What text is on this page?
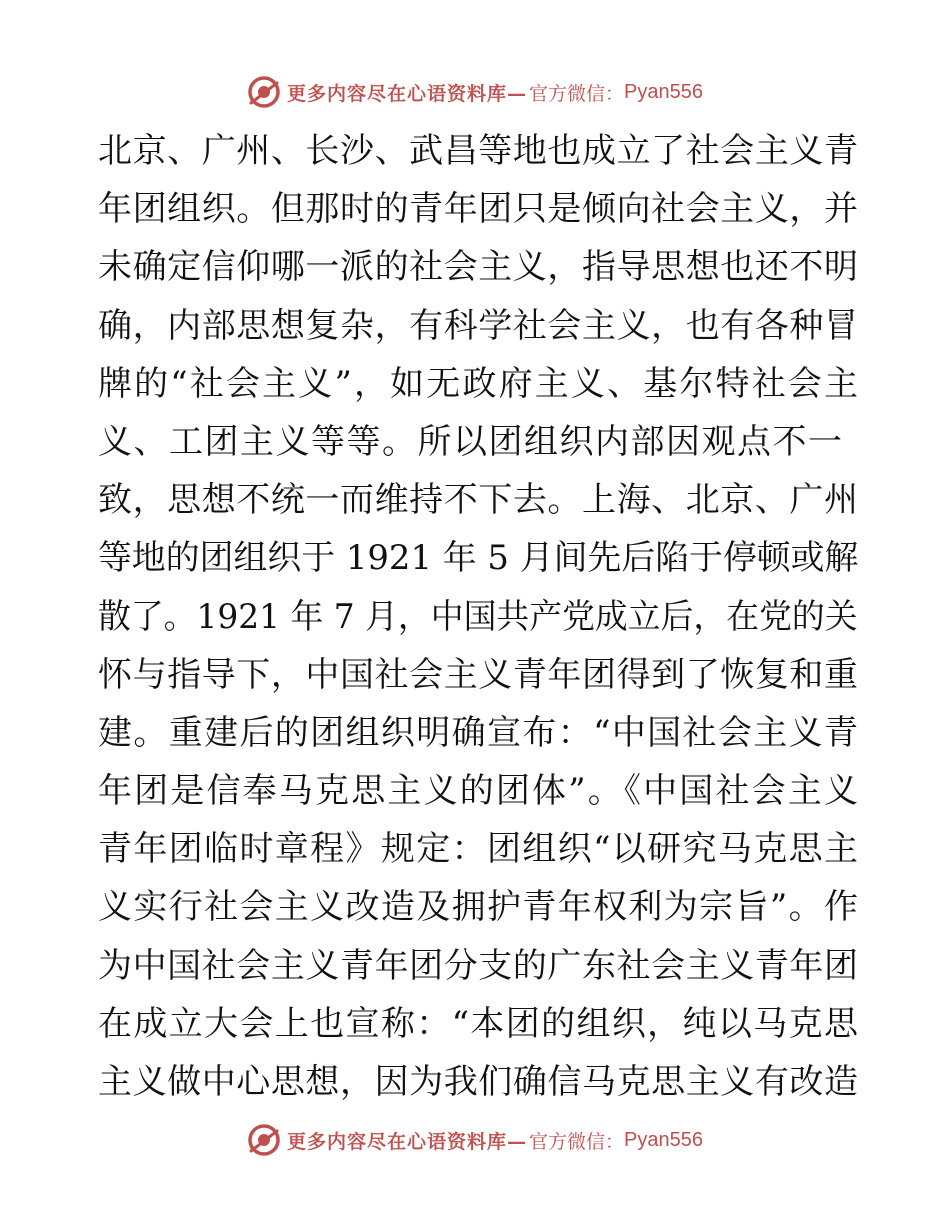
更多内容尽在心语资料库— 官方微信： Pyan556
北京、广州、长沙、武昌等地也成立了社会主义青
年团组织。但那时的青年团只是倾向社会主义，并
未确定信仰哪一派的社会主义，指导思想也还不明
确，内部思想复杂，有科学社会主义，也有各种冒
牌的“社会主义”，如无政府主义、基尔特社会主
义、工团主义等等。所以团组织内部因观点不一
致，思想不统一而维持不下去。上海、北京、广州
等地的团组织于 1921 年 5 月间先后陷于停顿或解
散了。1921 年 7 月，中国共产党成立后，在党的关
怀与指导下，中国社会主义青年团得到了恢复和重
建。重建后的团组织明确宣布：“中国社会主义青
年团是信奉马克思主义的团体”。《中国社会主义
青年团临时章程》规定：团组织“以研究马克思主
义实行社会主义改造及拥护青年权利为宗旨”。作
为中国社会主义青年团分支的广东社会主义青年团
在成立大会上也宣称：“本团的组织，纯以马克思
主义做中心思想，因为我们确信马克思主义有改造
更多内容尽在心语资料库— 官方微信： Pyan556
